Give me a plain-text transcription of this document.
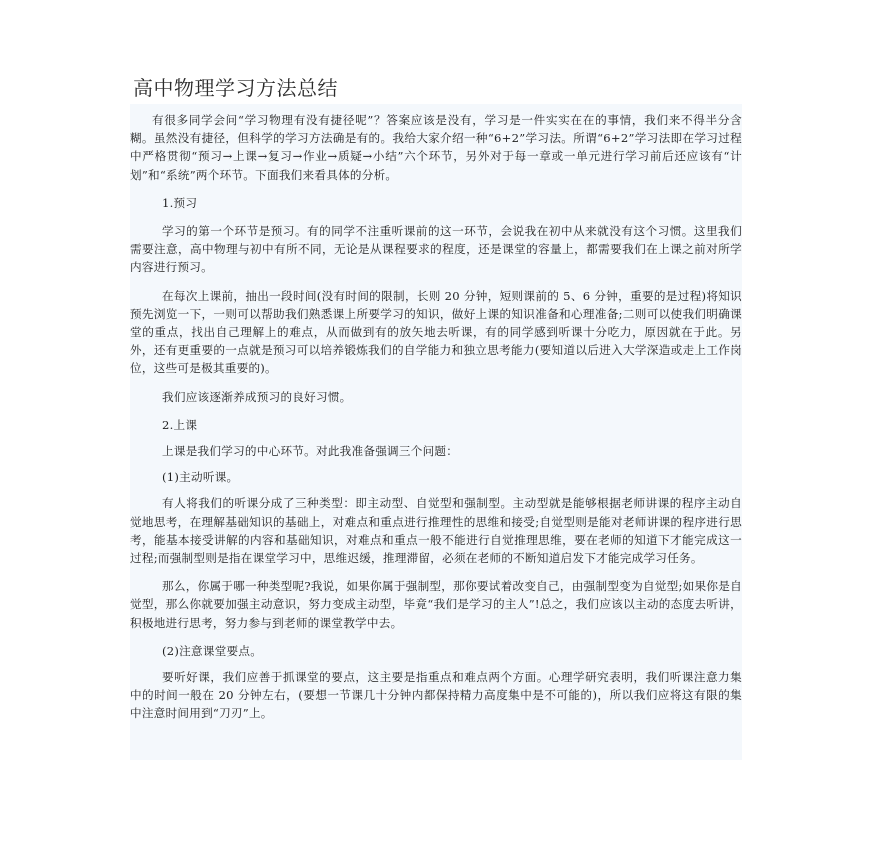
高中物理学习方法总结

有很多同学会问“学习物理有没有捷径呢”？答案应该是没有，学习是一件实实在在的事情，我们来不得半分含糊。虽然没有捷径，但科学的学习方法确是有的。我给大家介绍一种“6+2”学习法。所谓“6+2”学习法即在学习过程中严格贯彻“预习→上课→复习→作业→质疑→小结”六个环节，另外对于每一章或一单元进行学习前后还应该有“计划”和“系统”两个环节。下面我们来看具体的分析。

1.预习

学习的第一个环节是预习。有的同学不注重听课前的这一环节，会说我在初中从来就没有这个习惯。这里我们需要注意，高中物理与初中有所不同，无论是从课程要求的程度，还是课堂的容量上，都需要我们在上课之前对所学内容进行预习。

在每次上课前，抽出一段时间(没有时间的限制，长则 20 分钟，短则课前的 5、6 分钟，重要的是过程)将知识预先浏览一下，一则可以帮助我们熟悉课上所要学习的知识，做好上课的知识准备和心理准备;二则可以使我们明确课堂的重点，找出自己理解上的难点，从而做到有的放矢地去听课，有的同学感到听课十分吃力，原因就在于此。另外，还有更重要的一点就是预习可以培养锻炼我们的自学能力和独立思考能力(要知道以后进入大学深造或走上工作岗位，这些可是极其重要的)。

我们应该逐渐养成预习的良好习惯。

2.上课

上课是我们学习的中心环节。对此我准备强调三个问题：

(1)主动听课。

有人将我们的听课分成了三种类型：即主动型、自觉型和强制型。主动型就是能够根据老师讲课的程序主动自觉地思考，在理解基础知识的基础上，对难点和重点进行推理性的思维和接受;自觉型则是能对老师讲课的程序进行思考，能基本接受讲解的内容和基础知识，对难点和重点一般不能进行自觉推理思维，要在老师的知道下才能完成这一过程;而强制型则是指在课堂学习中，思维迟缓，推理滞留，必须在老师的不断知道启发下才能完成学习任务。

那么，你属于哪一种类型呢?我说，如果你属于强制型，那你要试着改变自己，由强制型变为自觉型;如果你是自觉型，那么你就要加强主动意识，努力变成主动型，毕竟“我们是学习的主人”!总之，我们应该以主动的态度去听讲，积极地进行思考，努力参与到老师的课堂教学中去。

(2)注意课堂要点。

要听好课，我们应善于抓课堂的要点，这主要是指重点和难点两个方面。心理学研究表明，我们听课注意力集中的时间一般在 20 分钟左右，(要想一节课几十分钟内都保持精力高度集中是不可能的)，所以我们应将这有限的集中注意时间用到“刀刃”上。
